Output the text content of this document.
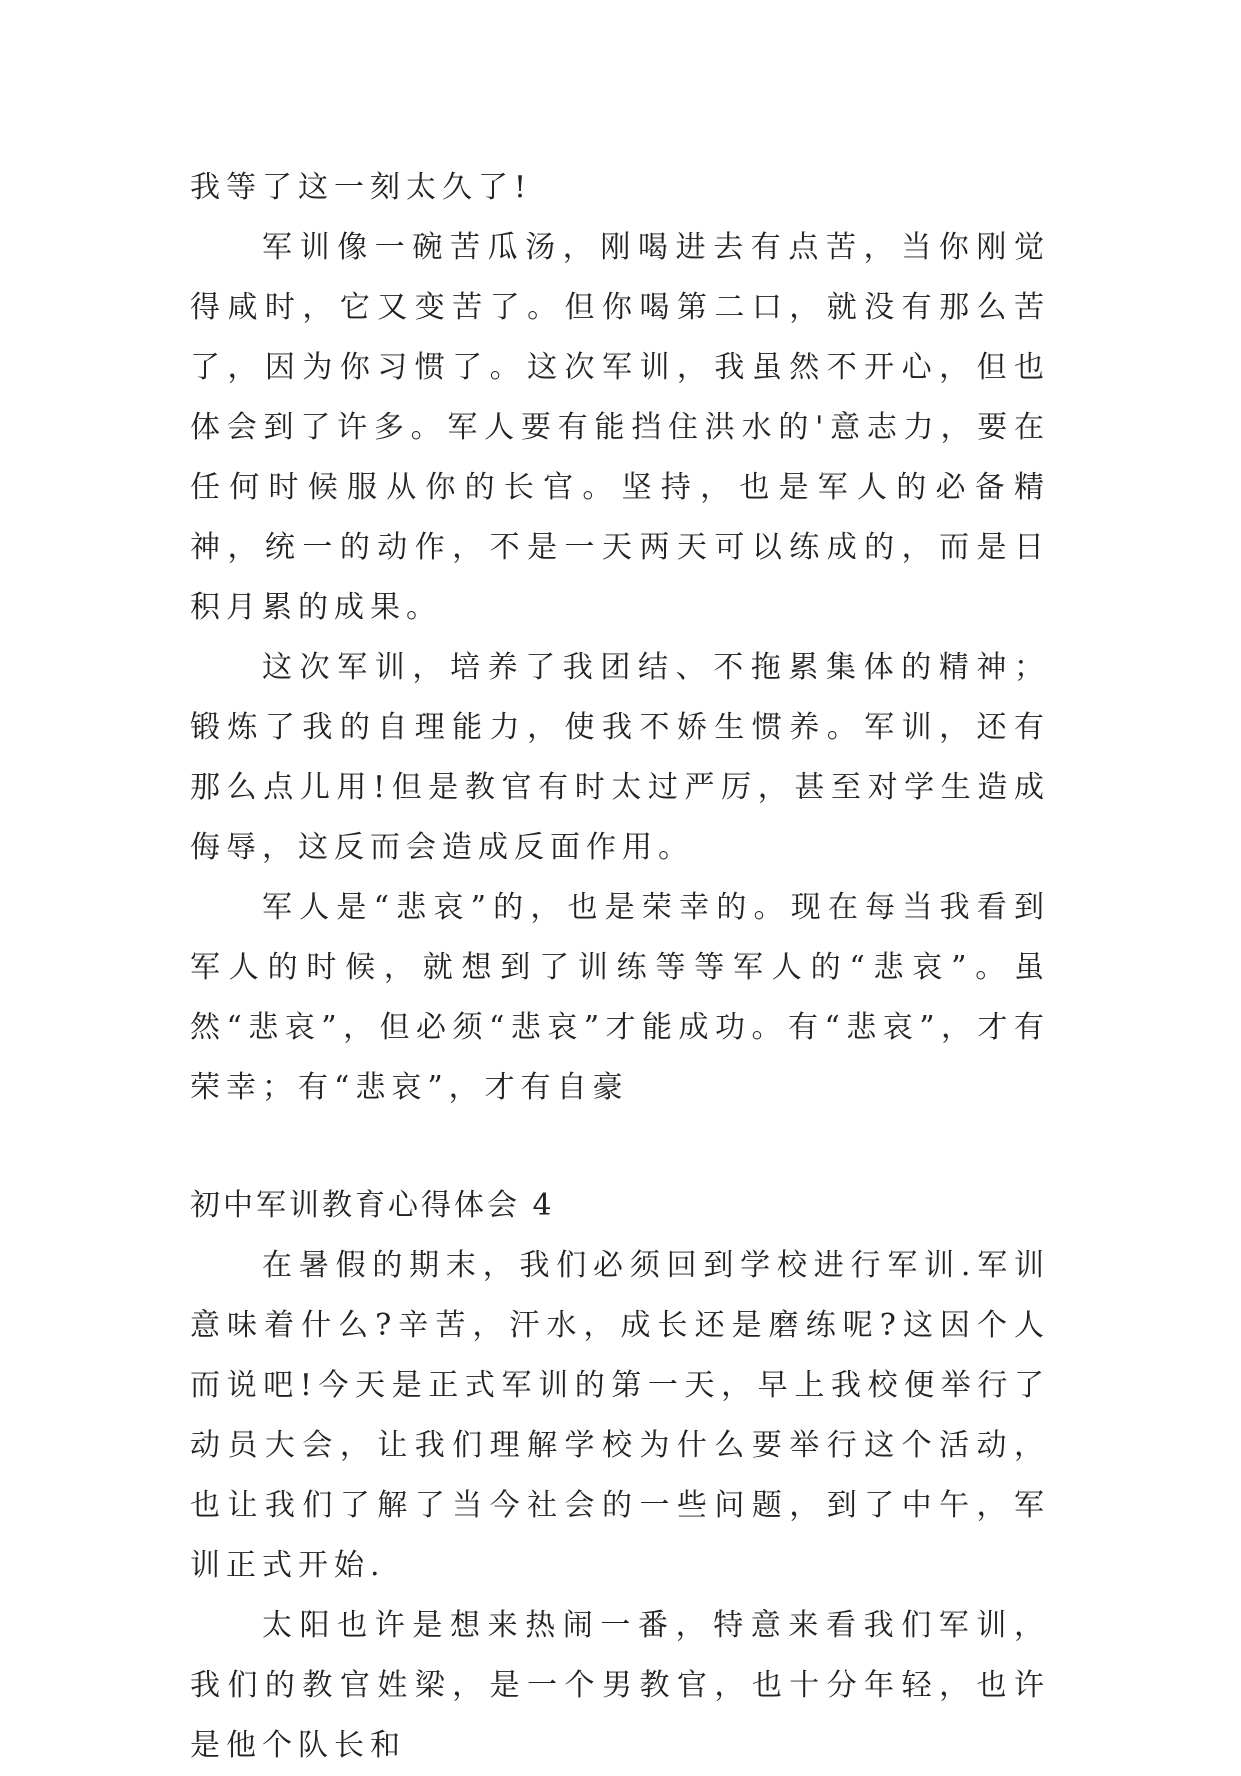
我等了这一刻太久了!

军训像一碗苦瓜汤，刚喝进去有点苦，当你刚觉得咸时，它又变苦了。但你喝第二口，就没有那么苦了，因为你习惯了。这次军训，我虽然不开心，但也体会到了许多。军人要有能挡住洪水的'意志力，要在任何时候服从你的长官。坚持，也是军人的必备精神，统一的动作，不是一天两天可以练成的，而是日积月累的成果。

这次军训，培养了我团结、不拖累集体的精神；锻炼了我的自理能力，使我不娇生惯养。军训，还有那么点儿用!但是教官有时太过严厉，甚至对学生造成侮辱，这反而会造成反面作用。

军人是“悲哀”的，也是荣幸的。现在每当我看到军人的时候，就想到了训练等等军人的“悲哀”。虽然“悲哀”，但必须“悲哀”才能成功。有“悲哀”，才有荣幸；有“悲哀”，才有自豪

初中军训教育心得体会 4

在暑假的期末，我们必须回到学校进行军训.军训意味着什么?辛苦，汗水，成长还是磨练呢?这因个人而说吧!今天是正式军训的第一天，早上我校便举行了动员大会，让我们理解学校为什么要举行这个活动，也让我们了解了当今社会的一些问题，到了中午，军训正式开始.

太阳也许是想来热闹一番，特意来看我们军训，我们的教官姓梁，是一个男教官，也十分年轻，也许是他个队长和
